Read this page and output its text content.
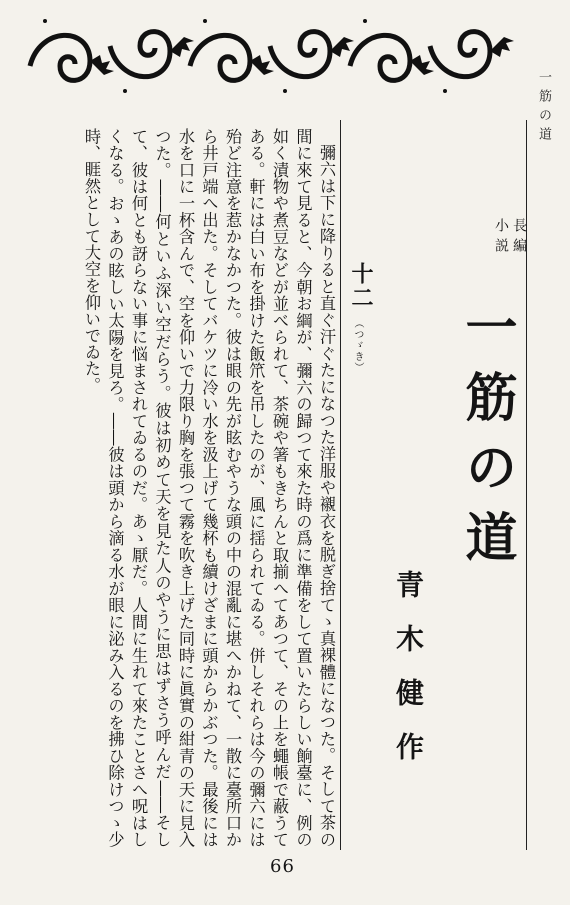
一筋の道
長編
小説
一筋の道
青木健作
十二
（つゞき）

彌六は下に降りると直ぐ汗ぐたになつた洋服や襯衣を脱ぎ捨てゝ真裸體になつた。そして茶の間に來て見ると、今朝お綱が、彌六の歸つて來た時の爲に準備をして置いたらしい餉臺に、例の如く漬物や煮豆などが並べられて、茶碗や箸もきちんと取揃へてあつて、その上を蠅帳で蔽うてある。軒には白い布を掛けた飯笊を吊したのが、風に揺られてゐる。併しそれらは今の彌六には殆ど注意を惹かなかつた。彼は眼の先が眩むやうな頭の中の混亂に堪へかねて、一散に臺所口から井戸端へ出た。そしてバケツに冷い水を汲上げて幾杯も續けざまに頭からかぶつた。最後には水を口に一杯含んで、空を仰いで力限り胸を張つて霧を吹き上げた同時に眞實の紺青の天に見入つた。――何といふ深い空だらう。彼は初めて天を見た人のやうに思はずさう呼んだ――そして、彼は何とも訝らない事に悩まされてゐるのだ。あゝ厭だ。人間に生れて來たことさへ呪はしくなる。おゝあの眩しい太陽を見ろ。――彼は頭から滴る水が眼に泌み入るのを拂ひ除けつゝ少時、睚然として大空を仰いでゐた。

66
